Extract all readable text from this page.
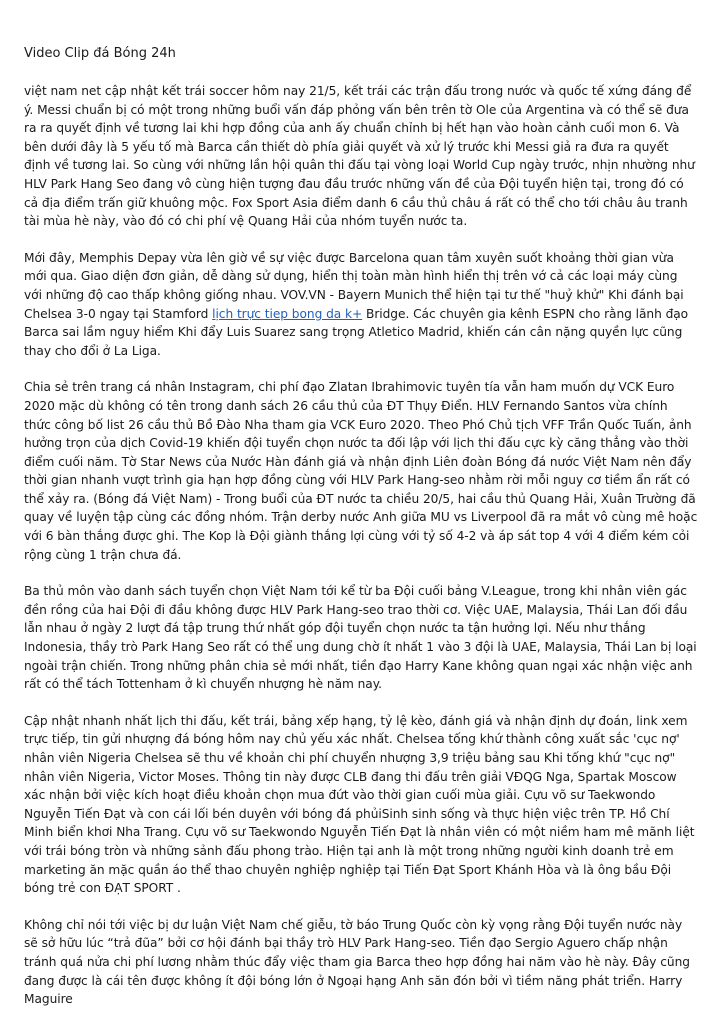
Video Clip đá Bóng 24h

việt nam net cập nhật kết trái soccer hôm nay 21/5, kết trái các trận đấu trong nước và quốc tế xứng đáng để ý. Messi chuẩn bị có một trong những buổi vấn đáp phỏng vấn bên trên tờ Ole của Argentina và có thể sẽ đưa ra ra quyết định về tương lai khi hợp đồng của anh ấy chuẩn chỉnh bị hết hạn vào hoàn cảnh cuối mon 6. Và bên dưới đây là 5 yếu tố mà Barca cần thiết dò phía giải quyết và xử lý trước khi Messi giả ra đưa ra quyết định về tương lai. So cùng với những lần hội quân thi đấu tại vòng loại World Cup ngày trước, nhịn nhường như HLV Park Hang Seo đang vô cùng hiện tượng đau đầu trước những vấn đề của Đội tuyển hiện tại, trong đó có cả địa điểm trấn giữ khuông mộc. Fox Sport Asia điểm danh 6 cầu thủ châu á rất có thể cho tới châu âu tranh tài mùa hè này, vào đó có chi phí vệ Quang Hải của nhóm tuyển nước ta.

Mới đây, Memphis Depay vừa lên giờ về sự việc được Barcelona quan tâm xuyên suốt khoảng thời gian vừa mới qua. Giao diện đơn giản, dễ dàng sử dụng, hiển thị toàn màn hình hiển thị trên vớ cả các loại máy cùng với những độ cao thấp không giống nhau. VOV.VN - Bayern Munich thể hiện tại tư thế "huỷ khử" Khi đánh bại Chelsea 3-0 ngay tại Stamford lịch trực tiep bong da k+ Bridge. Các chuyên gia kênh ESPN cho rằng lãnh đạo Barca sai lầm nguy hiểm Khi đẩy Luis Suarez sang trọng Atletico Madrid, khiến cán cân nặng quyền lực cũng thay cho đổi ở La Liga.

Chia sẻ trên trang cá nhân Instagram, chi phí đạo Zlatan Ibrahimovic tuyên tía vẫn ham muốn dự VCK Euro 2020 mặc dù không có tên trong danh sách 26 cầu thủ của ĐT Thụy Điển. HLV Fernando Santos vừa chính thức công bố list 26 cầu thủ Bồ Đào Nha tham gia VCK Euro 2020. Theo Phó Chủ tịch VFF Trần Quốc Tuấn, ảnh hưởng trọn của dịch Covid-19 khiến đội tuyển chọn nước ta đối lập với lịch thi đấu cực kỳ căng thẳng vào thời điểm cuối năm. Tờ Star News của Nước Hàn đánh giá và nhận định Liên đoàn Bóng đá nước Việt Nam nên đẩy thời gian nhanh vượt trình gia hạn hợp đồng cùng với HLV Park Hang-seo nhằm rời mỗi nguy cơ tiềm ẩn rất có thể xảy ra. (Bóng đá Việt Nam) - Trong buổi của ĐT nước ta chiều 20/5, hai cầu thủ Quang Hải, Xuân Trường đã quay về luyện tập cùng các đồng nhóm. Trận derby nước Anh giữa MU vs Liverpool đã ra mắt vô cùng mê hoặc với 6 bàn thắng được ghi. The Kop là Đội giành thắng lợi cùng với tỷ số 4-2 và áp sát top 4 với 4 điểm kém cỏi rộng cùng 1 trận chưa đá.

Ba thủ môn vào danh sách tuyển chọn Việt Nam tới kể từ ba Đội cuối bảng V.League, trong khi nhân viên gác đền rồng của hai Đội đi đầu không được HLV Park Hang-seo trao thời cơ. Việc UAE, Malaysia, Thái Lan đối đầu lẫn nhau ở ngày 2 lượt đá tập trung thứ nhất góp đội tuyển chọn nước ta tận hưởng lợi. Nếu như thắng Indonesia, thầy trò Park Hang Seo rất có thể ung dung chờ ít nhất 1 vào 3 đội là UAE, Malaysia, Thái Lan bị loại ngoài trận chiến. Trong những phân chia sẻ mới nhất, tiền đạo Harry Kane không quan ngại xác nhận việc anh rất có thể tách Tottenham ở kì chuyển nhượng hè năm nay.

Cập nhật nhanh nhất lịch thi đấu, kết trái, bảng xếp hạng, tỷ lệ kèo, đánh giá và nhận định dự đoán, link xem trực tiếp, tin gửi nhượng đá bóng hôm nay chủ yếu xác nhất. Chelsea tống khứ thành công xuất sắc 'cục nợ' nhân viên Nigeria Chelsea sẽ thu về khoản chi phí chuyển nhượng 3,9 triệu bảng sau Khi tống khứ "cục nợ" nhân viên Nigeria, Victor Moses. Thông tin này được CLB đang thi đấu trên giải VĐQG Nga, Spartak Moscow xác nhận bởi việc kích hoạt điều khoản chọn mua đứt vào thời gian cuối mùa giải. Cựu võ sư Taekwondo Nguyễn Tiến Đạt và con cái lối bén duyên với bóng đá phủiSinh sinh sống và thực hiện việc trên TP. Hồ Chí Minh biển khơi Nha Trang. Cựu võ sư Taekwondo Nguyễn Tiến Đạt là nhân viên có một niềm ham mê mãnh liệt với trái bóng tròn và những sảnh đấu phong trào. Hiện tại anh là một trong những người kinh doanh trẻ em marketing ăn mặc quần áo thể thao chuyên nghiệp nghiệp tại Tiến Đạt Sport Khánh Hòa và là ông bầu Đội bóng trẻ con ĐẠT SPORT .

Không chỉ nói tới việc bị dư luận Việt Nam chế giễu, tờ báo Trung Quốc còn kỳ vọng rằng Đội tuyển nước này sẽ sở hữu lúc “trả đũa” bởi cơ hội đánh bại thầy trò HLV Park Hang-seo. Tiền đạo Sergio Aguero chấp nhận tránh quá nửa chi phí lương nhằm thúc đẩy việc tham gia Barca theo hợp đồng hai năm vào hè này. Đây cũng đang được là cái tên được không ít đội bóng lớn ở Ngoại hạng Anh săn đón bởi vì tiềm năng phát triển. Harry Maguire
